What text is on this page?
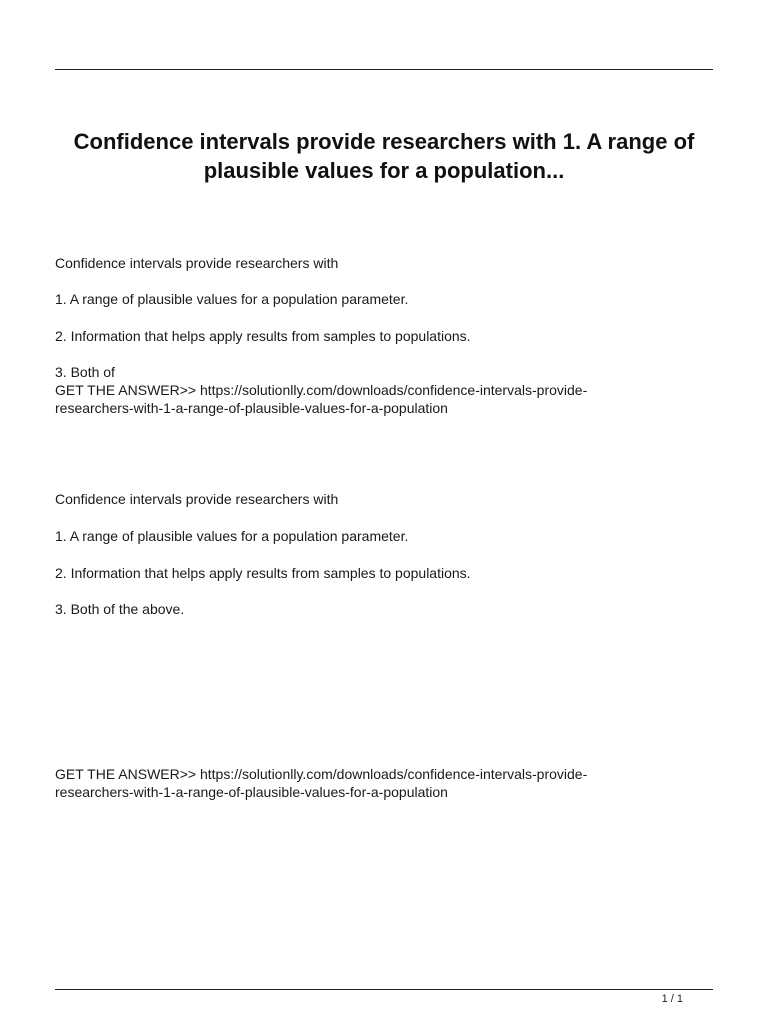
Confidence intervals provide researchers with 1. A range of
plausible values for a population...
Confidence intervals provide researchers with
1. A range of plausible values for a population parameter.
2. Information that helps apply results from samples to populations.
3. Both of
GET THE ANSWER>> https://solutionlly.com/downloads/confidence-intervals-provide-
researchers-with-1-a-range-of-plausible-values-for-a-population
Confidence intervals provide researchers with
1. A range of plausible values for a population parameter.
2. Information that helps apply results from samples to populations.
3. Both of the above.
GET THE ANSWER>> https://solutionlly.com/downloads/confidence-intervals-provide-
researchers-with-1-a-range-of-plausible-values-for-a-population
1 / 1
